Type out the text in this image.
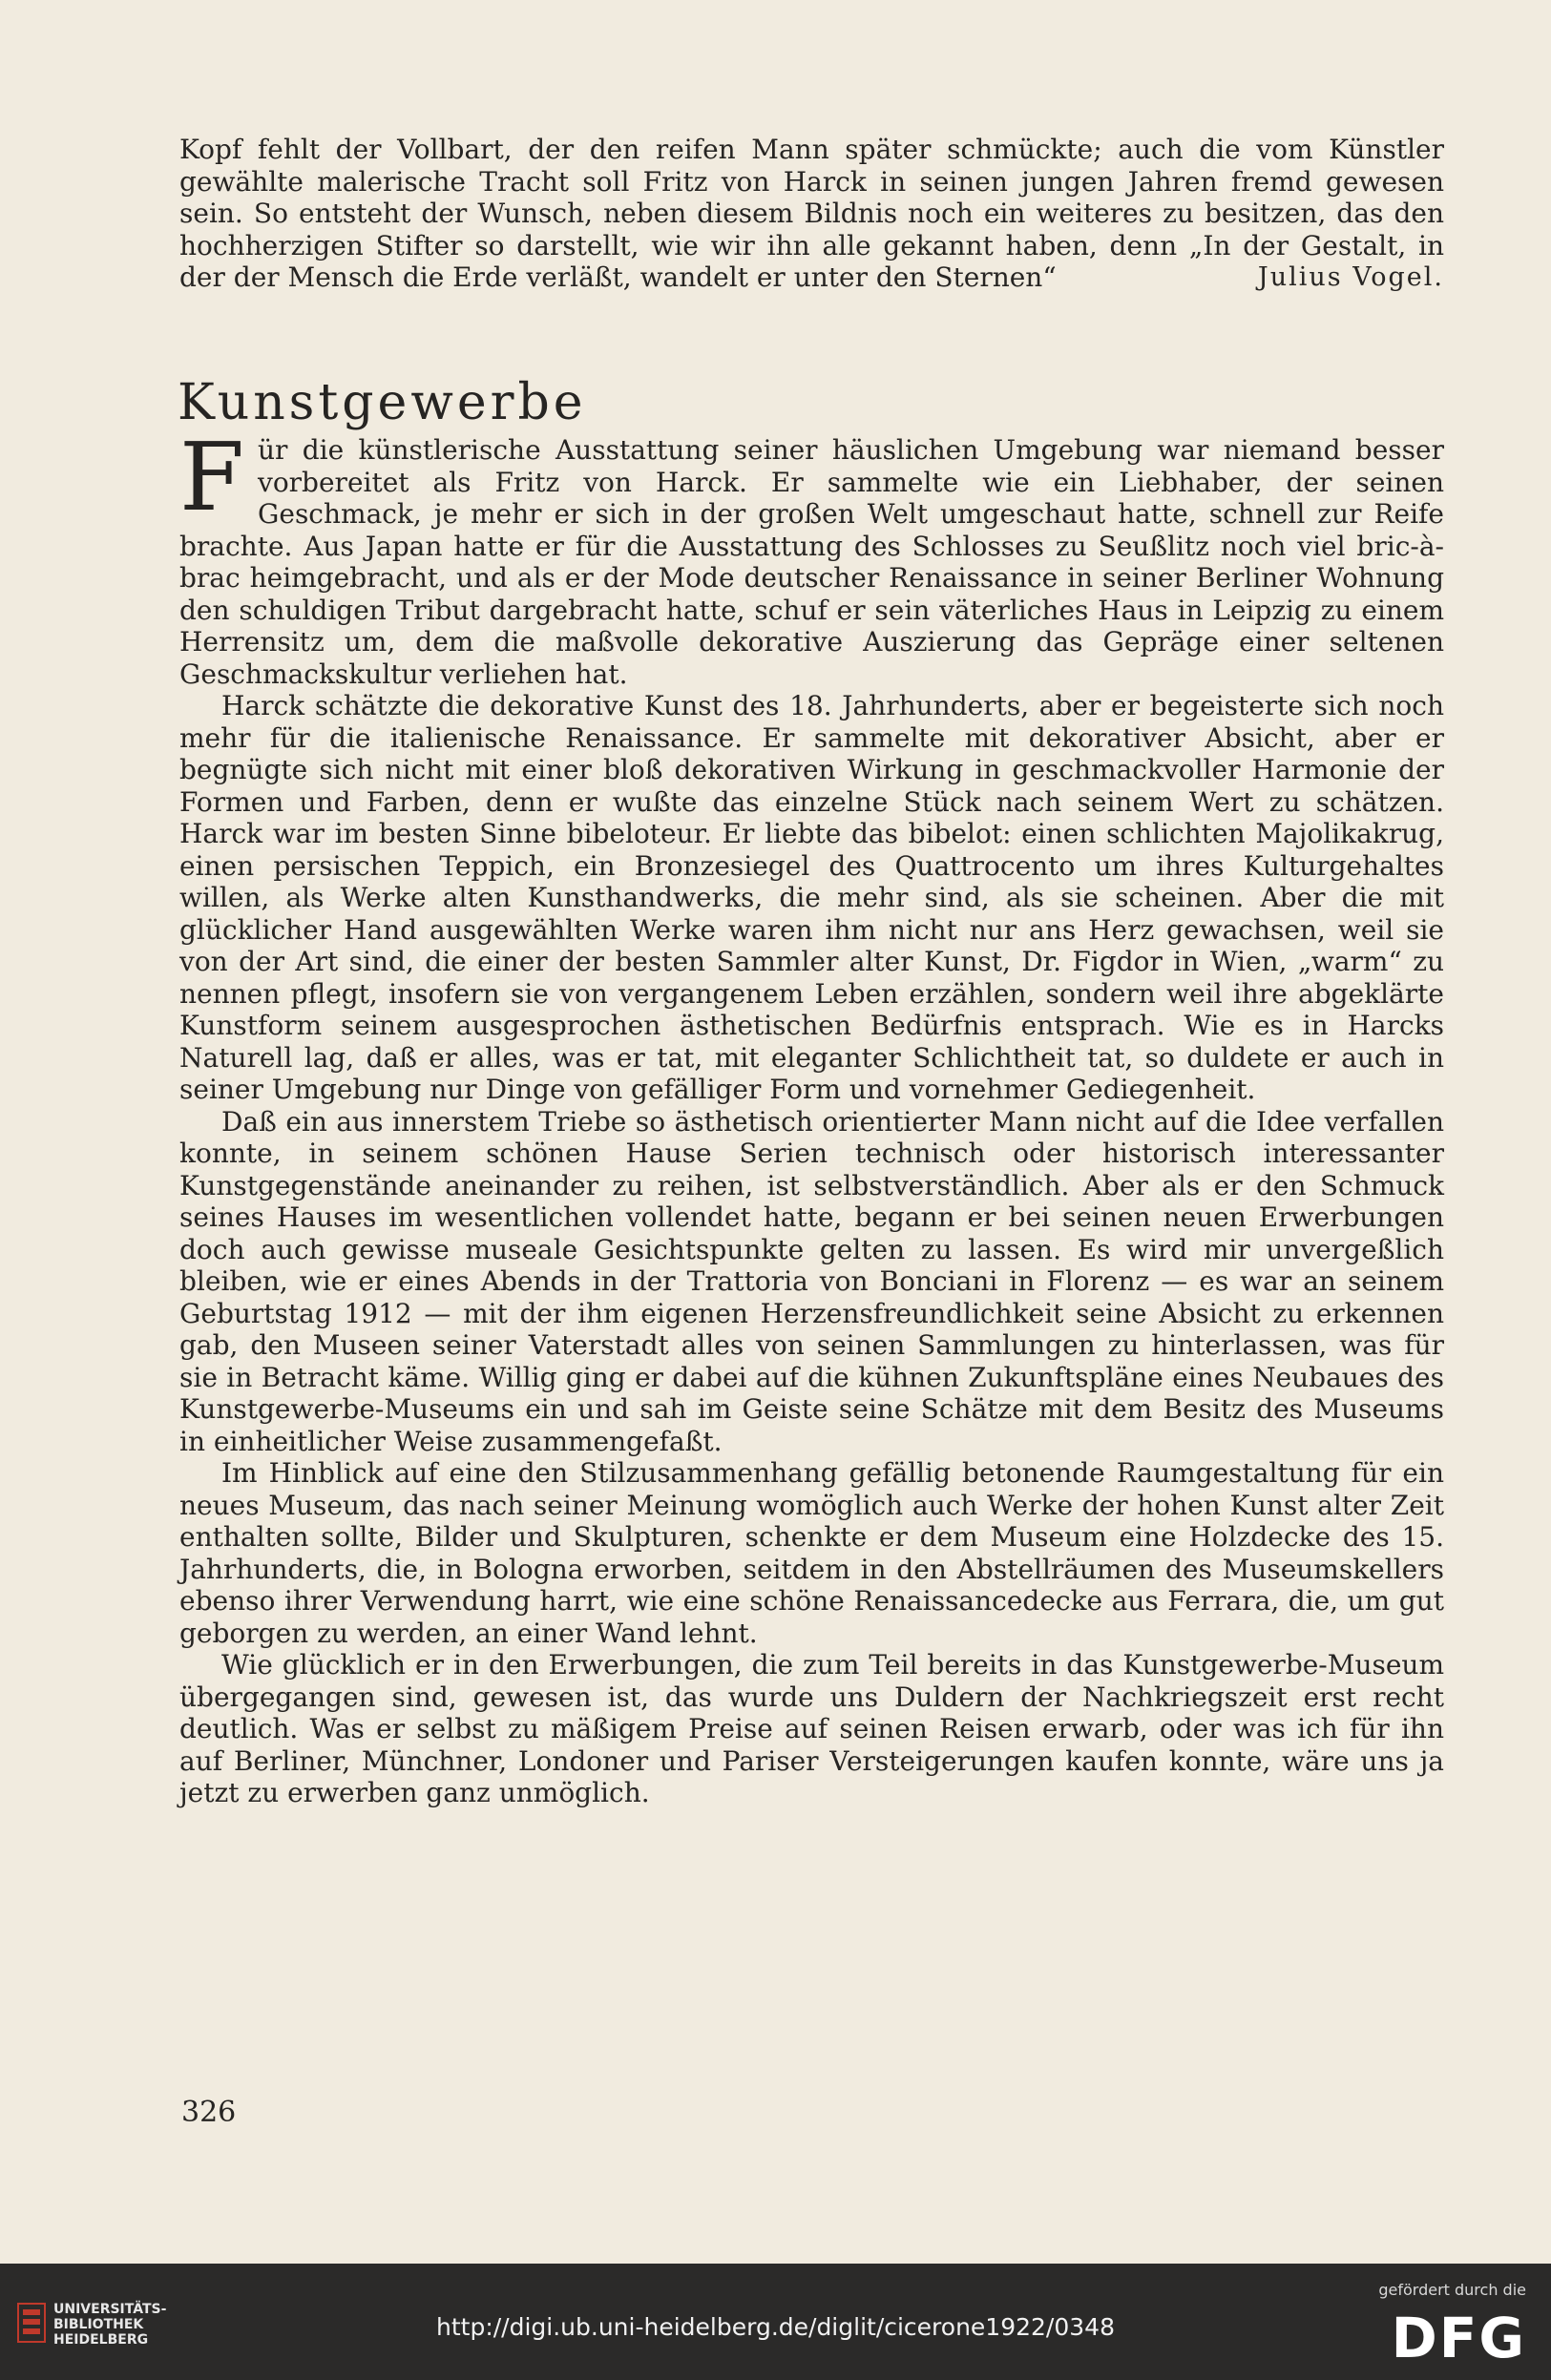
Kopf fehlt der Vollbart, der den reifen Mann später schmückte; auch die vom Künstler gewählte malerische Tracht soll Fritz von Harck in seinen jungen Jahren fremd gewesen sein. So entsteht der Wunsch, neben diesem Bildnis noch ein weiteres zu besitzen, das den hochherzigen Stifter so darstellt, wie wir ihn alle gekannt haben, denn „In der Gestalt, in der der Mensch die Erde verläßt, wandelt er unter den Sternen“	Julius Vogel.

Kunstgewerbe

Für die künstlerische Ausstattung seiner häuslichen Umgebung war niemand besser vorbereitet als Fritz von Harck. Er sammelte wie ein Liebhaber, der seinen Geschmack, je mehr er sich in der großen Welt umgeschaut hatte, schnell zur Reife brachte. Aus Japan hatte er für die Ausstattung des Schlosses zu Seußlitz noch viel bric-à-brac heimgebracht, und als er der Mode deutscher Renaissance in seiner Berliner Wohnung den schuldigen Tribut dargebracht hatte, schuf er sein väterliches Haus in Leipzig zu einem Herrensitz um, dem die maßvolle dekorative Auszierung das Gepräge einer seltenen Geschmackskultur verliehen hat.

Harck schätzte die dekorative Kunst des 18. Jahrhunderts, aber er begeisterte sich noch mehr für die italienische Renaissance. Er sammelte mit dekorativer Absicht, aber er begnügte sich nicht mit einer bloß dekorativen Wirkung in geschmackvoller Harmonie der Formen und Farben, denn er wußte das einzelne Stück nach seinem Wert zu schätzen. Harck war im besten Sinne bibeloteur. Er liebte das bibelot: einen schlichten Majolikakrug, einen persischen Teppich, ein Bronzesiegel des Quattrocento um ihres Kulturgehaltes willen, als Werke alten Kunsthandwerks, die mehr sind, als sie scheinen. Aber die mit glücklicher Hand ausgewählten Werke waren ihm nicht nur ans Herz gewachsen, weil sie von der Art sind, die einer der besten Sammler alter Kunst, Dr. Figdor in Wien, „warm“ zu nennen pflegt, insofern sie von vergangenem Leben erzählen, sondern weil ihre abgeklärte Kunstform seinem ausgesprochen ästhetischen Bedürfnis entsprach. Wie es in Harcks Naturell lag, daß er alles, was er tat, mit eleganter Schlichtheit tat, so duldete er auch in seiner Umgebung nur Dinge von gefälliger Form und vornehmer Gediegenheit.

Daß ein aus innerstem Triebe so ästhetisch orientierter Mann nicht auf die Idee verfallen konnte, in seinem schönen Hause Serien technisch oder historisch interessanter Kunstgegenstände aneinander zu reihen, ist selbstverständlich. Aber als er den Schmuck seines Hauses im wesentlichen vollendet hatte, begann er bei seinen neuen Erwerbungen doch auch gewisse museale Gesichtspunkte gelten zu lassen. Es wird mir unvergeßlich bleiben, wie er eines Abends in der Trattoria von Bonciani in Florenz — es war an seinem Geburtstag 1912 — mit der ihm eigenen Herzensfreundlichkeit seine Absicht zu erkennen gab, den Museen seiner Vaterstadt alles von seinen Sammlungen zu hinterlassen, was für sie in Betracht käme. Willig ging er dabei auf die kühnen Zukunftspläne eines Neubaues des Kunstgewerbe-Museums ein und sah im Geiste seine Schätze mit dem Besitz des Museums in einheitlicher Weise zusammengefaßt.

Im Hinblick auf eine den Stilzusammenhang gefällig betonende Raumgestaltung für ein neues Museum, das nach seiner Meinung womöglich auch Werke der hohen Kunst alter Zeit enthalten sollte, Bilder und Skulpturen, schenkte er dem Museum eine Holzdecke des 15. Jahrhunderts, die, in Bologna erworben, seitdem in den Abstellräumen des Museumskellers ebenso ihrer Verwendung harrt, wie eine schöne Renaissancedecke aus Ferrara, die, um gut geborgen zu werden, an einer Wand lehnt.

Wie glücklich er in den Erwerbungen, die zum Teil bereits in das Kunstgewerbe-Museum übergegangen sind, gewesen ist, das wurde uns Duldern der Nachkriegszeit erst recht deutlich. Was er selbst zu mäßigem Preise auf seinen Reisen erwarb, oder was ich für ihn auf Berliner, Münchner, Londoner und Pariser Versteigerungen kaufen konnte, wäre uns ja jetzt zu erwerben ganz unmöglich.

326
UNIVERSITÄTS-
BIBLIOTHEK
HEIDELBERG	http://digi.ub.uni-heidelberg.de/diglit/cicerone1922/0348
gefördert durch die
DFG
